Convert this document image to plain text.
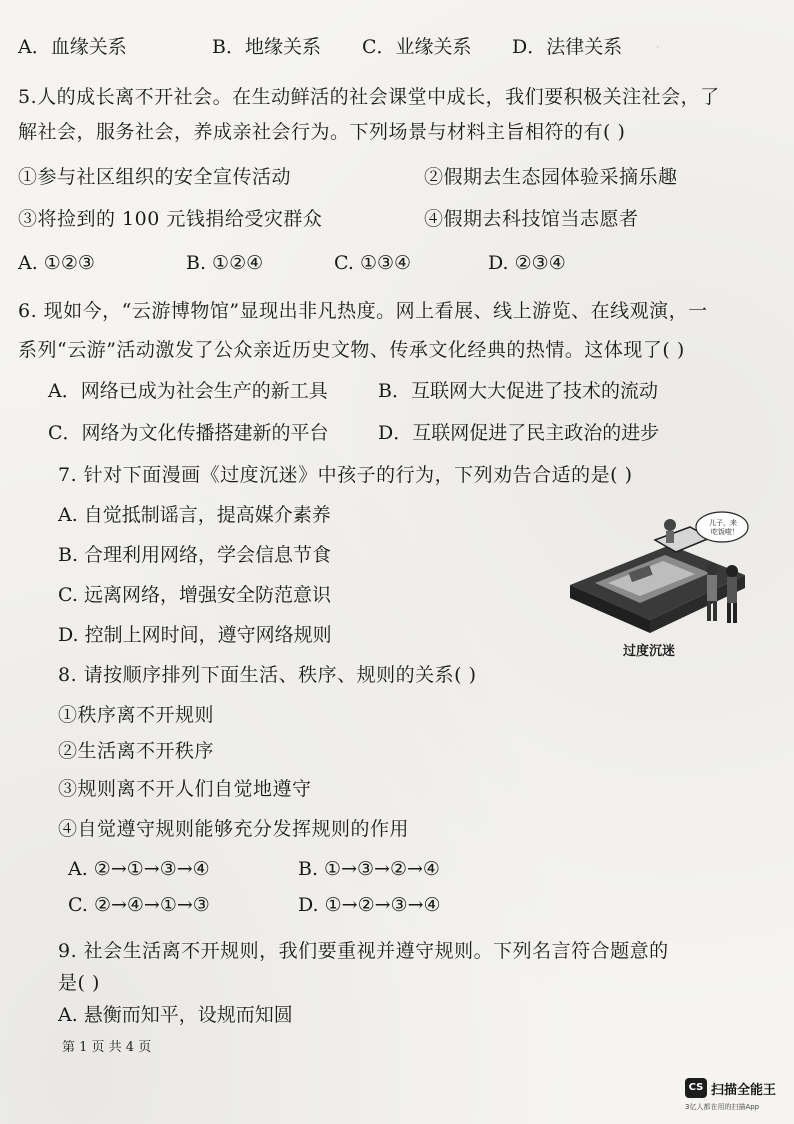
·
A．血缘关系	B．地缘关系 C．业缘关系 D．法律关系
5.人的成长离不开社会。在生动鲜活的社会课堂中成长，我们要积极关注社会，了
解社会，服务社会，养成亲社会行为。下列场景与材料主旨相符的有( )
①参与社区组织的安全宣传活动	②假期去生态园体验采摘乐趣
③将捡到的 100 元钱捐给受灾群众	④假期去科技馆当志愿者
A. ①②③	B. ①②④	C. ①③④	D. ②③④
6. 现如今，“云游博物馆”显现出非凡热度。网上看展、线上游览、在线观演，一
系列“云游”活动激发了公众亲近历史文物、传承文化经典的热情。这体现了( )
A．网络已成为社会生产的新工具	B．互联网大大促进了技术的流动
C．网络为文化传播搭建新的平台	D．互联网促进了民主政治的进步
7. 针对下面漫画《过度沉迷》中孩子的行为，下列劝告合适的是( )
A. 自觉抵制谣言，提高媒介素养
B. 合理利用网络，学会信息节食
C. 远离网络，增强安全防范意识
D. 控制上网时间，遵守网络规则
儿子，来
吃饭啦！
过度沉迷
8. 请按顺序排列下面生活、秩序、规则的关系( )
①秩序离不开规则
②生活离不开秩序
③规则离不开人们自觉地遵守
④自觉遵守规则能够充分发挥规则的作用
A. ②→①→③→④	B. ①→③→②→④
C. ②→④→①→③	D. ①→②→③→④
9. 社会生活离不开规则，我们要重视并遵守规则。下列名言符合题意的
是( )
A. 悬衡而知平，设规而知圆
第 1 页 共 4 页
CS 扫描全能王
3亿人都在用的扫描App
